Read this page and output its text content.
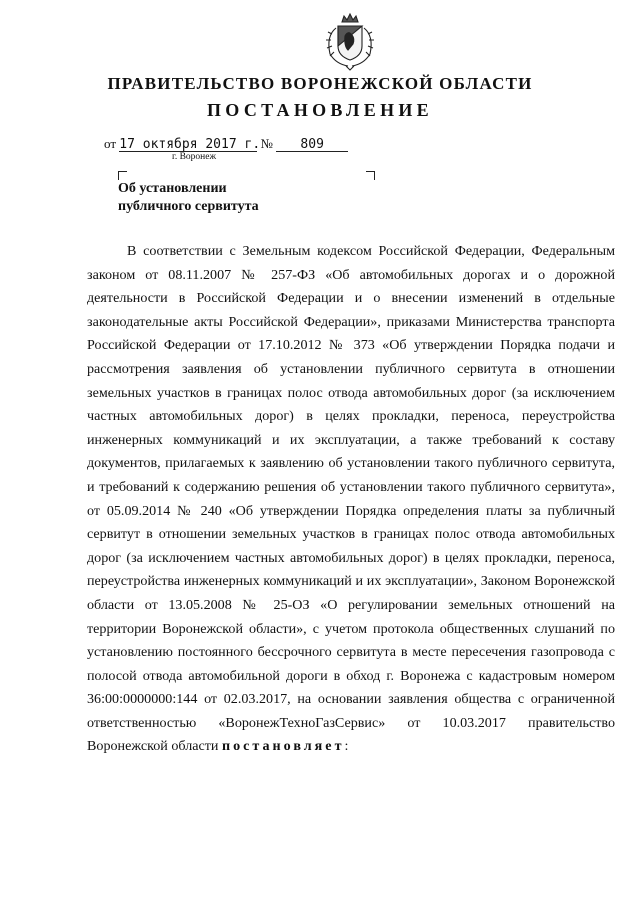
ПРАВИТЕЛЬСТВО ВОРОНЕЖСКОЙ ОБЛАСТИ
ПОСТАНОВЛЕНИЕ
от 17 октября 2017 г. № 809
г. Воронеж
Об установлении
публичного сервитута
В соответствии с Земельным кодексом Российской Федерации, Федеральным законом от 08.11.2007 № 257-ФЗ «Об автомобильных дорогах и о дорожной деятельности в Российской Федерации и о внесении изменений в отдельные законодательные акты Российской Федерации», приказами Министерства транспорта Российской Федерации от 17.10.2012 № 373 «Об утверждении Порядка подачи и рассмотрения заявления об установлении публичного сервитута в отношении земельных участков в границах полос отвода автомобильных дорог (за исключением частных автомобильных дорог) в целях прокладки, переноса, переустройства инженерных коммуникаций и их эксплуатации, а также требований к составу документов, прилагаемых к заявлению об установлении такого публичного сервитута, и требований к содержанию решения об установлении такого публичного сервитута», от 05.09.2014 № 240 «Об утверждении Порядка определения платы за публичный сервитут в отношении земельных участков в границах полос отвода автомобильных дорог (за исключением частных автомобильных дорог) в целях прокладки, переноса, переустройства инженерных коммуникаций и их эксплуатации», Законом Воронежской области от 13.05.2008 № 25-ОЗ «О регулировании земельных отношений на территории Воронежской области», с учетом протокола общественных слушаний по установлению постоянного бессрочного сервитута в месте пересечения газопровода с полосой отвода автомобильной дороги в обход г. Воронежа с кадастровым номером 36:00:0000000:144 от 02.03.2017, на основании заявления общества с ограниченной ответственностью «ВоронежТехноГазСервис» от 10.03.2017 правительство Воронежской области постановляет:
